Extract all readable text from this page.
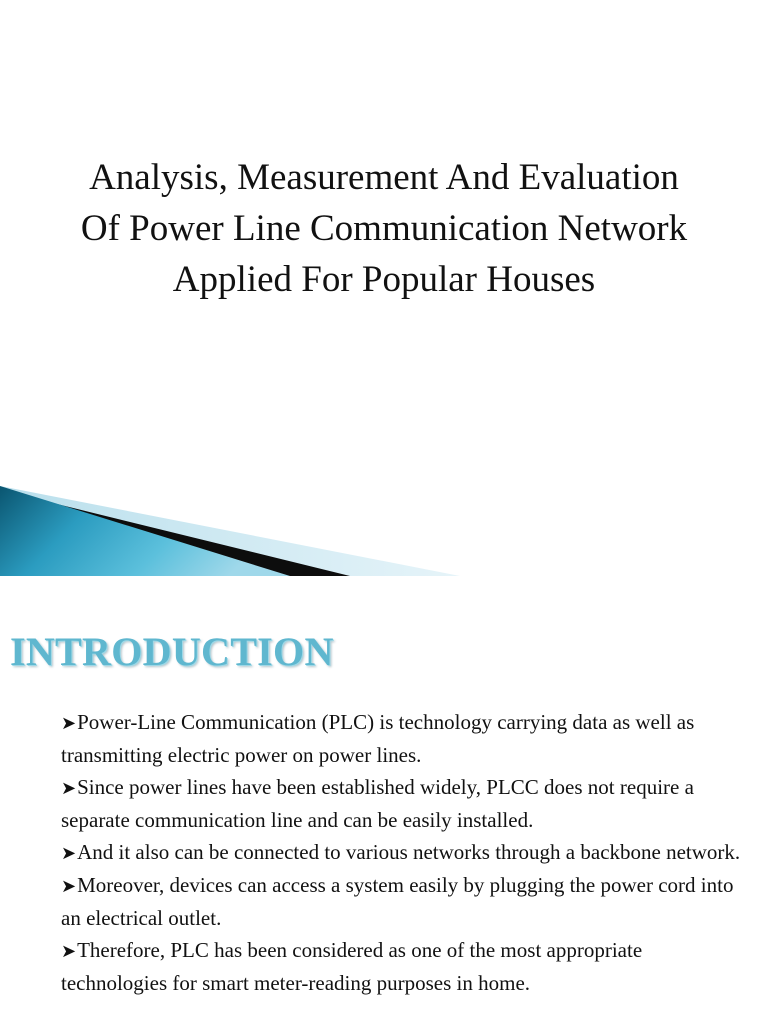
Analysis, Measurement And Evaluation
Of Power Line Communication Network
Applied For Popular Houses
INTRODUCTION
➤Power-Line Communication (PLC) is technology carrying data as well as transmitting electric power on power lines.
➤Since power lines have been established widely, PLCC does not require a separate communication line and can be easily installed.
➤And it also can be connected to various networks through a backbone network.
➤Moreover, devices can access a system easily by plugging the power cord into an electrical outlet.
➤Therefore, PLC has been considered as one of the most appropriate technologies for smart meter-reading purposes in home.
